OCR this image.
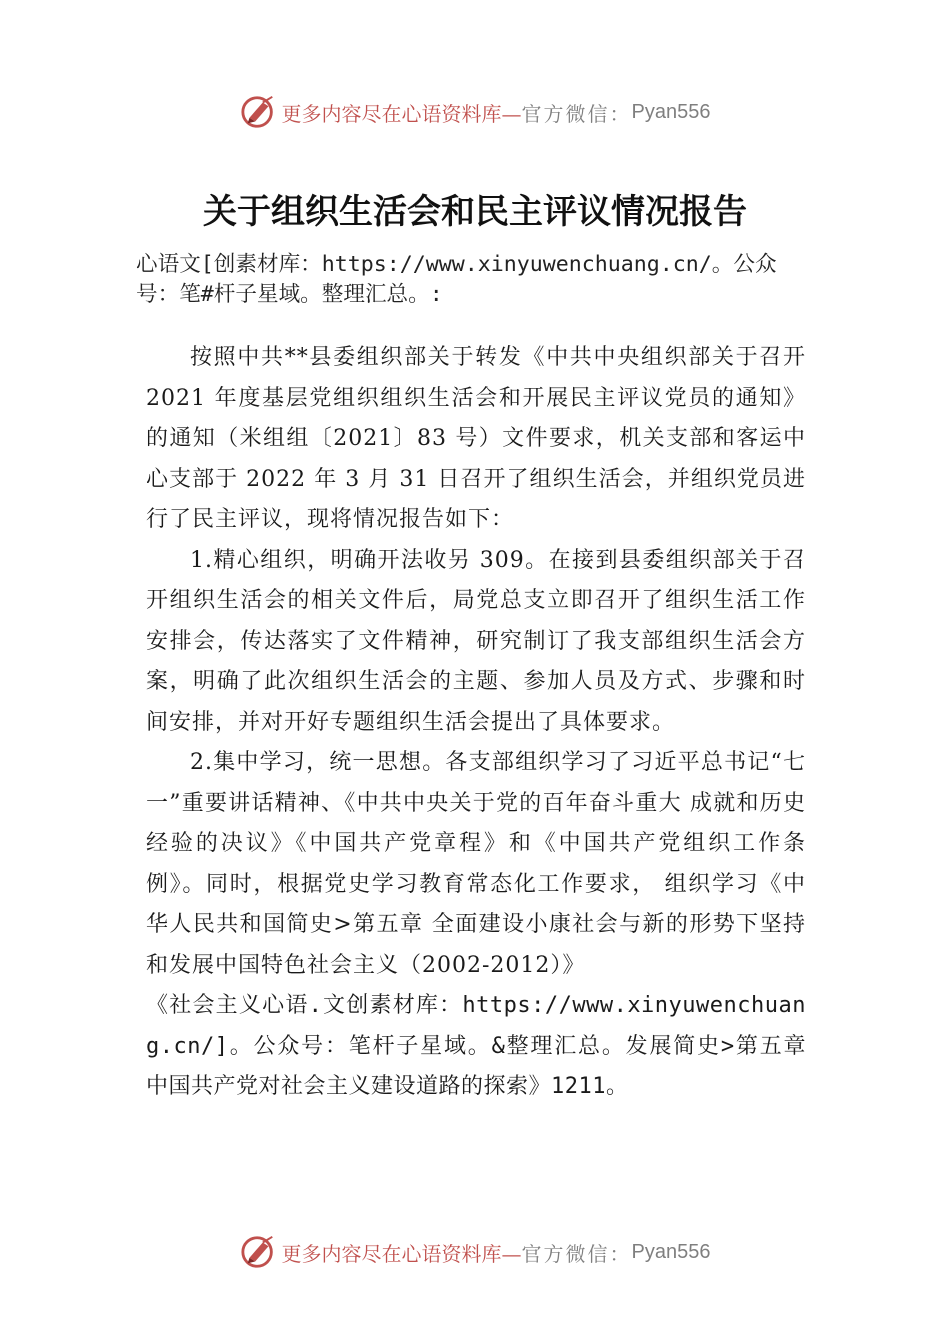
更多内容尽在心语资料库— 官方微信： Pyan556
关于组织生活会和民主评议情况报告
心语文[创素材库：https://www.xinyuwenchuang.cn/。公众号：笔#杆子星域。整理汇总。:

按照中共**县委组织部关于转发《中共中央组织部关于召开 2021 年度基层党组织组织生活会和开展民主评议党员的通知》的通知（米组组〔2021〕83 号）文件要求，机关支部和客运中心支部于 2022 年 3 月 31 日召开了组织生活会，并组织党员进行了民主评议，现将情况报告如下：

1.精心组织，明确开法收另 309。在接到县委组织部关于召开组织生活会的相关文件后，局党总支立即召开了组织生活工作安排会，传达落实了文件精神，研究制订了我支部组织生活会方案，明确了此次组织生活会的主题、参加人员及方式、步骤和时间安排，并对开好专题组织生活会提出了具体要求。

2.集中学习，统一思想。各支部组织学习了习近平总书记“七一”重要讲话精神、《中共中央关于党的百年奋斗重大 成就和历史经验的决议》《中国共产党章程》和《中国共产党组织工作条例》。同时，根据党史学习教育常态化工作要求， 组织学习《中华人民共和国简史>第五章 全面建设小康社会与新的形势下坚持和发展中国特色社会主义（2002-2012）》

《社会主义心语.文创素材库：https://www.xinyuwenchuang.cn/]。公众号：笔杆子星域。&整理汇总。发展简史>第五章 中国共产党对社会主义建设道路的探索》1211。

更多内容尽在心语资料库— 官方微信： Pyan556
